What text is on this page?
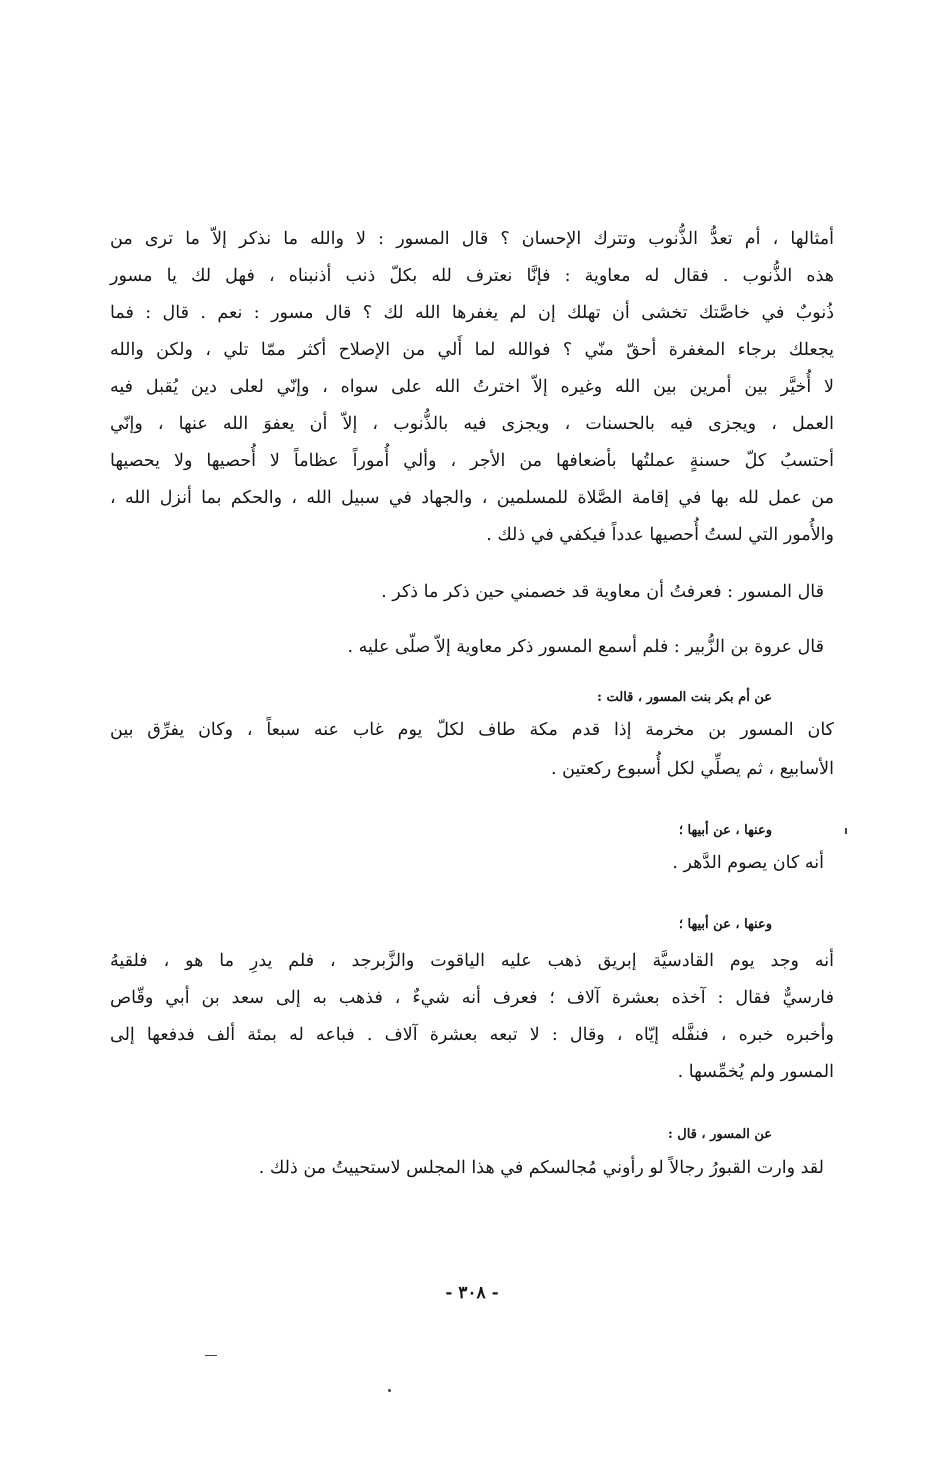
أمثالها ، أم تعدُّ الذُّنوب وتترك الإحسان ؟ قال المسور : لا والله ما نذكر إلاّ ما ترى من
هذه الذُّنوب . فقال له معاوية : فإنَّا نعترف لله بكلّ ذنب أذنبناه ، فهل لك يا مسور
ذُنوبٌ في خاصَّتك تخشى أن تهلك إن لم يغفرها الله لك ؟ قال مسور : نعم . قال : فما
يجعلك برجاء المغفرة أحقّ منّي ؟ فوالله لما أَلي من الإصلاح أكثر ممّا تلي ، ولكن والله
لا أُخيَّر بين أمرين بين الله وغيره إلاّ اخترتُ الله على سواه ، وإنّي لعلى دين يُقبل فيه
العمل ، ويجزى فيه بالحسنات ، ويجزى فيه بالذُّنوب ، إلاّ أن يعفوَ الله عنها ، وإنّي
أحتسبُ كلّ حسنةٍ عملتُها بأضعافها من الأجر ، وألي أُموراً عظاماً لا أُحصيها ولا يحصيها
من عمل لله بها في إقامة الصَّلاة للمسلمين ، والجهاد في سبيل الله ، والحكم بما أنزل الله ،
والأُمور التي لستُ أُحصيها عدداً فيكفي في ذلك .
قال المسور : فعرفتُ أن معاوية قد خصمني حين ذكر ما ذكر .
قال عروة بن الزُّبير : فلم أسمع المسور ذكر معاوية إلاّ صلّى عليه .
عن أم بكر بنت المسور ، قالت :
كان المسور بن مخرمة إذا قدم مكة طاف لكلّ يوم غاب عنه سبعاً ، وكان يفرِّق بين
الأسابيع ، ثم يصلِّي لكل أُسبوع ركعتين .
وعنها ، عن أبيها ؛
أنه كان يصوم الدَّهر .
وعنها ، عن أبيها ؛
أنه وجد يوم القادسيَّة إبريق ذهب عليه الياقوت والزَّبرجد ، فلم يدرِ ما هو ، فلقيهُ
فارسيٌّ فقال : آخذه بعشرة آلاف ؛ فعرف أنه شيءٌ ، فذهب به إلى سعد بن أبي وقّاص
وأخبره خبره ، فنفَّله إيّاه ، وقال : لا تبعه بعشرة آلاف . فباعه له بمئة ألف فدفعها إلى
المسور ولم يُخمِّسها .
عن المسور ، قال :
لقد وارت القبورُ رجالاً لو رأوني مُجالسكم في هذا المجلس لاستحييتُ من ذلك .
- ٣٠٨ -
